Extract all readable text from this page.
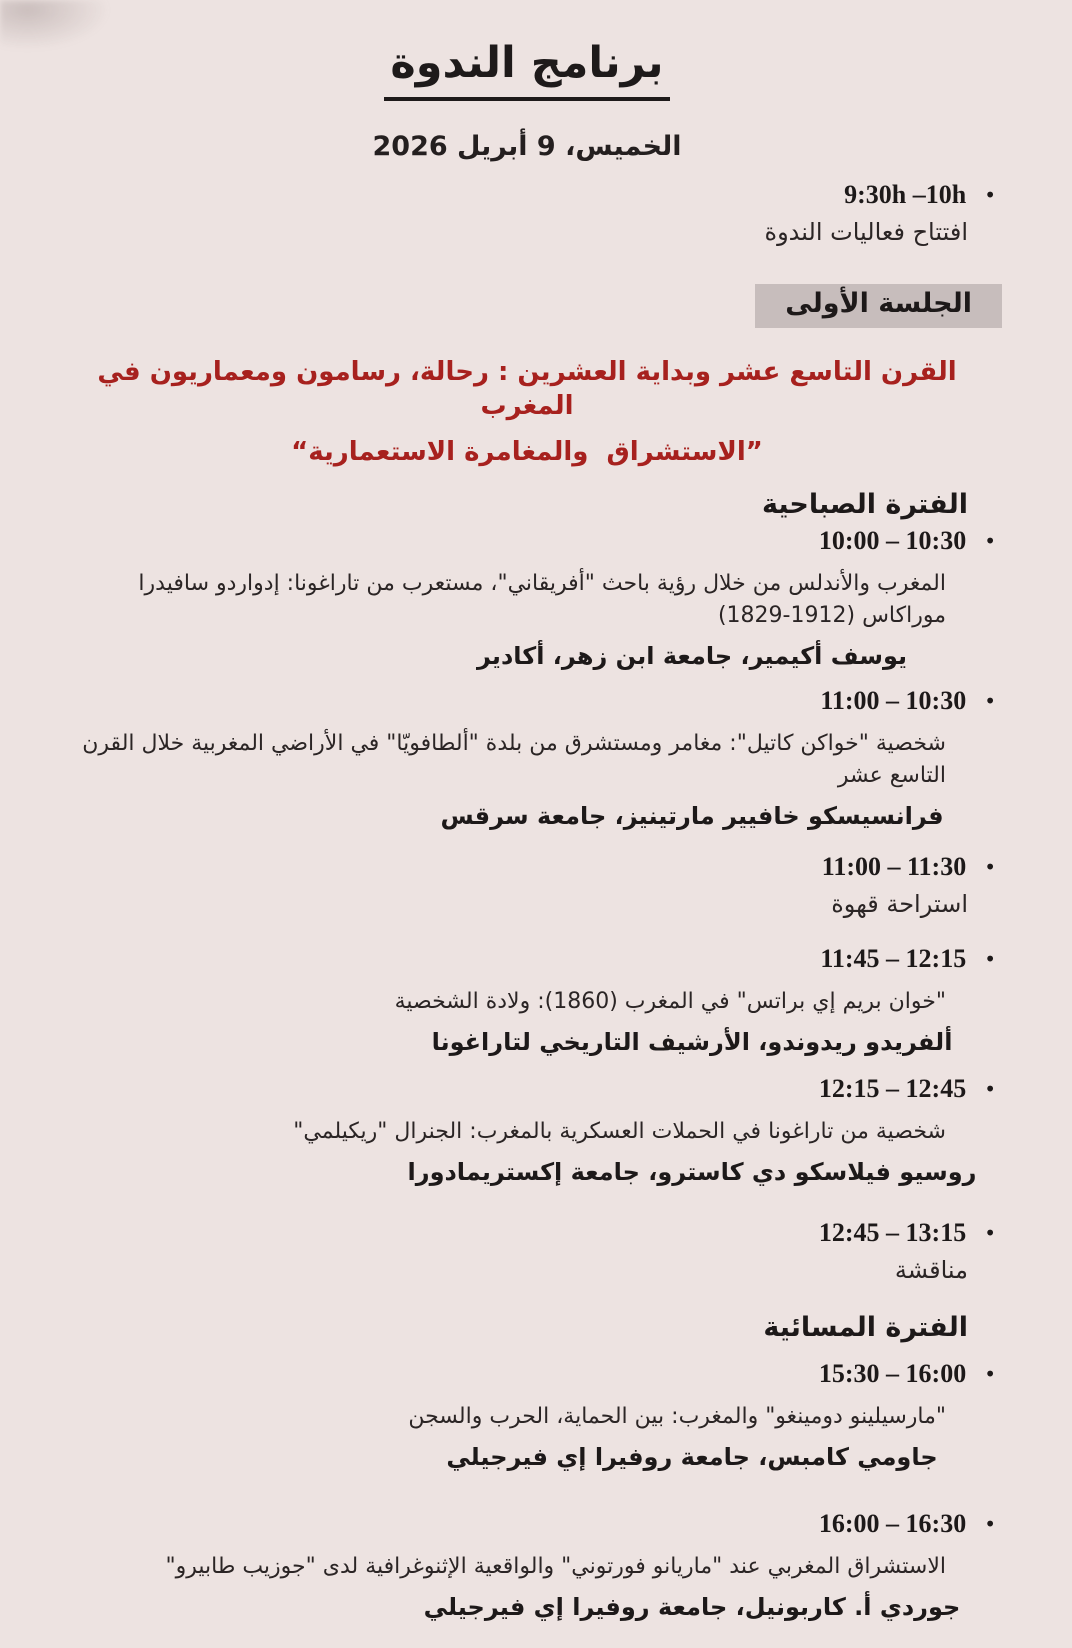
برنامج الندوة
الخميس، 9 أبريل 2026
•
9:30h –10h
افتتاح فعاليات الندوة
الجلسة الأولى
القرن التاسع عشر وبداية العشرين : رحالة، رسامون ومعماريون في المغرب
”الاستشراق  والمغامرة الاستعمارية“
الفترة الصباحية
•
10:00 – 10:30
المغرب والأندلس من خلال رؤية باحث "أفريقاني"، مستعرب من تاراغونا: إدواردو سافيدرا موراكاس (1912-1829)
يوسف أكيمير، جامعة ابن زهر، أكادير
•
11:00 – 10:30
شخصية "خواكن كاتيل": مغامر ومستشرق من بلدة "ألطافويّا" في الأراضي المغربية خلال القرن التاسع عشر
فرانسيسكو خافيير مارتينيز، جامعة سرقس
•
11:00 – 11:30
استراحة قهوة
•
11:45 – 12:15
"خوان بريم إي براتس" في المغرب (1860): ولادة الشخصية
ألفريدو ريدوندو، الأرشيف التاريخي لتاراغونا
•
12:15 – 12:45
شخصية من تاراغونا في الحملات العسكرية بالمغرب: الجنرال "ريكيلمي"
روسيو فيلاسكو دي كاسترو، جامعة إكستريمادورا
•
12:45 – 13:15
مناقشة
الفترة المسائية
•
15:30 – 16:00
"مارسيلينو دومينغو" والمغرب: بين الحماية، الحرب والسجن
جاومي كامبس، جامعة روفيرا إي فيرجيلي
•
16:00 – 16:30
الاستشراق المغربي عند "ماريانو فورتوني" والواقعية الإثنوغرافية لدى "جوزيب طابيرو"
جوردي أ. كاربونيل، جامعة روفيرا إي فيرجيلي
